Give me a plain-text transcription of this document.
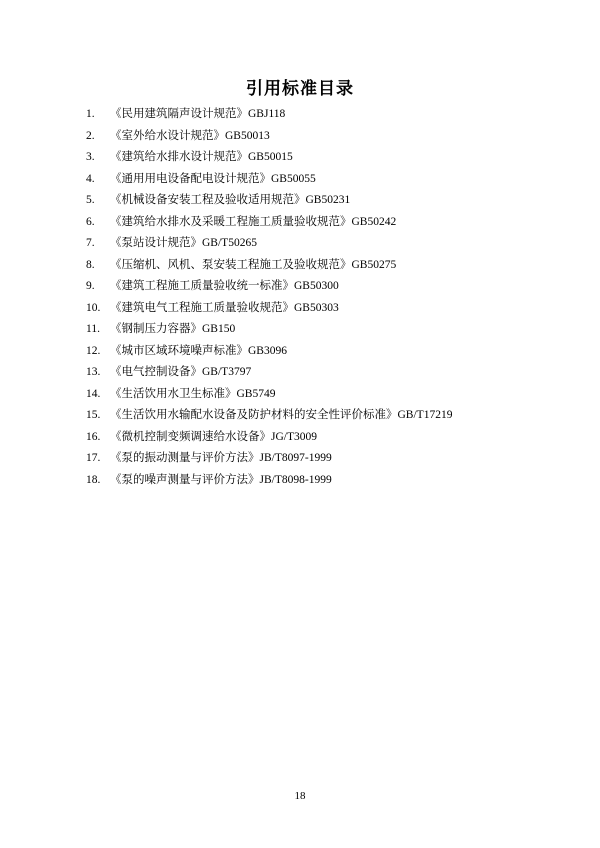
引用标准目录
1.	《民用建筑隔声设计规范》GBJ118
2.	《室外给水设计规范》GB50013
3.	《建筑给水排水设计规范》GB50015
4.	《通用用电设备配电设计规范》GB50055
5.	《机械设备安装工程及验收适用规范》GB50231
6.	《建筑给水排水及采暖工程施工质量验收规范》GB50242
7.	《泵站设计规范》GB/T50265
8.	《压缩机、风机、泵安装工程施工及验收规范》GB50275
9.	《建筑工程施工质量验收统一标准》GB50300
10. 《建筑电气工程施工质量验收规范》GB50303
11. 《钢制压力容器》GB150
12. 《城市区域环境噪声标准》GB3096
13. 《电气控制设备》GB/T3797
14. 《生活饮用水卫生标准》GB5749
15. 《生活饮用水输配水设备及防护材料的安全性评价标准》GB/T17219
16. 《微机控制变频调速给水设备》JG/T3009
17. 《泵的振动测量与评价方法》JB/T8097-1999
18. 《泵的噪声测量与评价方法》JB/T8098-1999
18
